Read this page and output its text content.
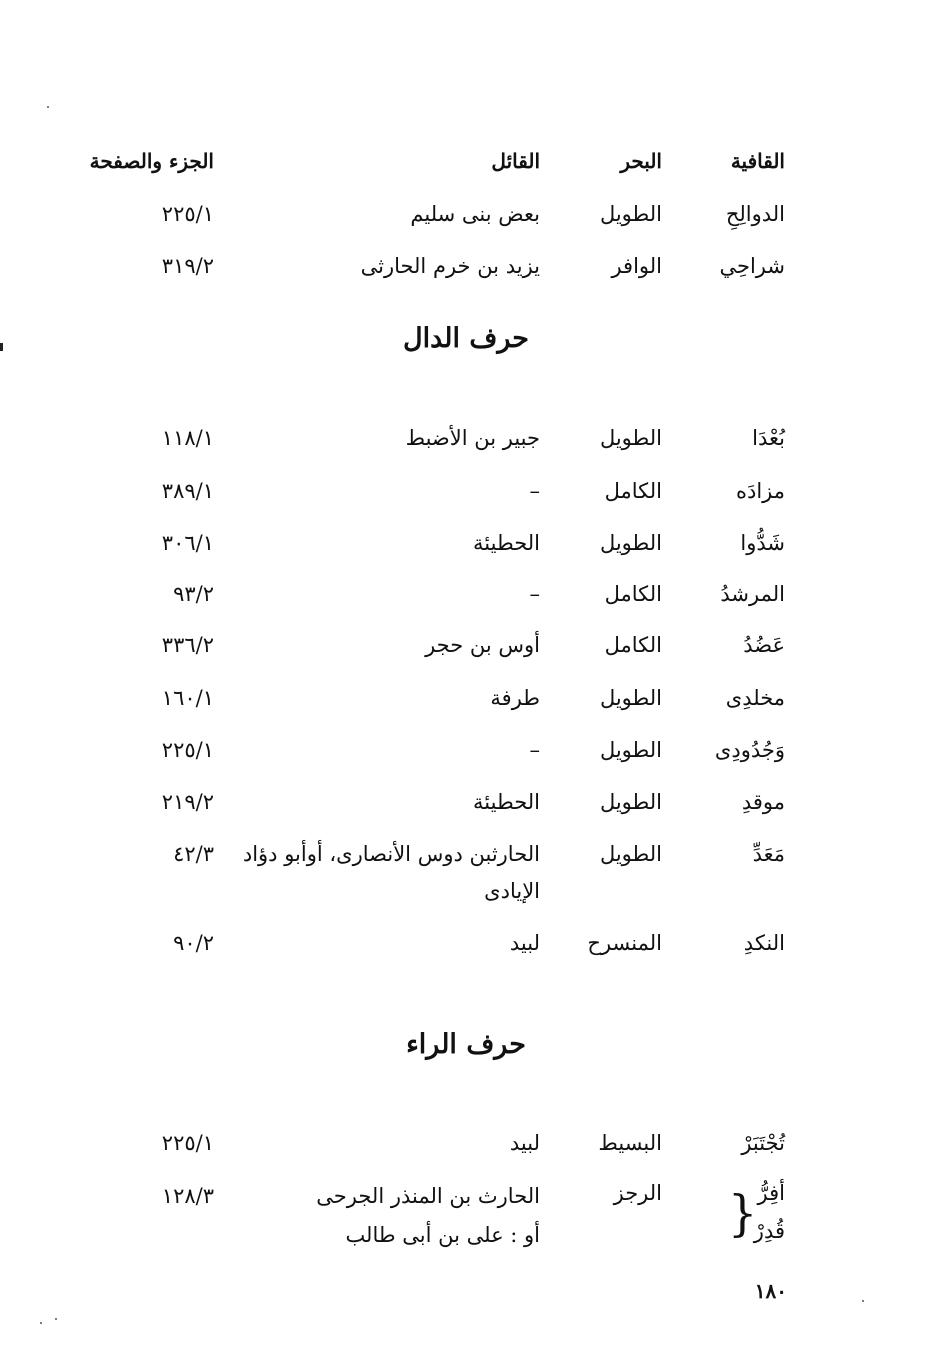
القافية
البحر
القائل
الجزء والصفحة
الدوالِحِ
الطويل
بعض بنى سليم
٢٢٥/١
شراحِي
الوافر
يزيد بن خرم الحارثى
٣١٩/٢
حرف الدال
بُعْدَا
الطويل
جبير بن الأضبط
١١٨/١
مزادَه
الكامل
–
٣٨٩/١
شَدُّوا
الطويل
الحطيئة
٣٠٦/١
المرشدُ
الكامل
–
٩٣/٢
عَضُدُ
الكامل
أوس بن حجر
٣٣٦/٢
مخلدِى
الطويل
طرفة
١٦٠/١
وَجُدُودِى
الطويل
–
٢٢٥/١
موقدِ
الطويل
الحطيئة
٢١٩/٢
مَعَدِّ
الطويل
الحارثبن دوس الأنصارى، أوأبو دؤاد
الإيادى
٤٢/٣
النكدِ
المنسرح
لبيد
٩٠/٢
حرف الراء
تُجْتَبَرْ
البسيط
لبيد
٢٢٥/١
أفِرُّ
قُدِرْ
}
الرجز
الحارث بن المنذر الجرحى
أو : على بن أبى طالب
١٢٨/٣
١٨٠
